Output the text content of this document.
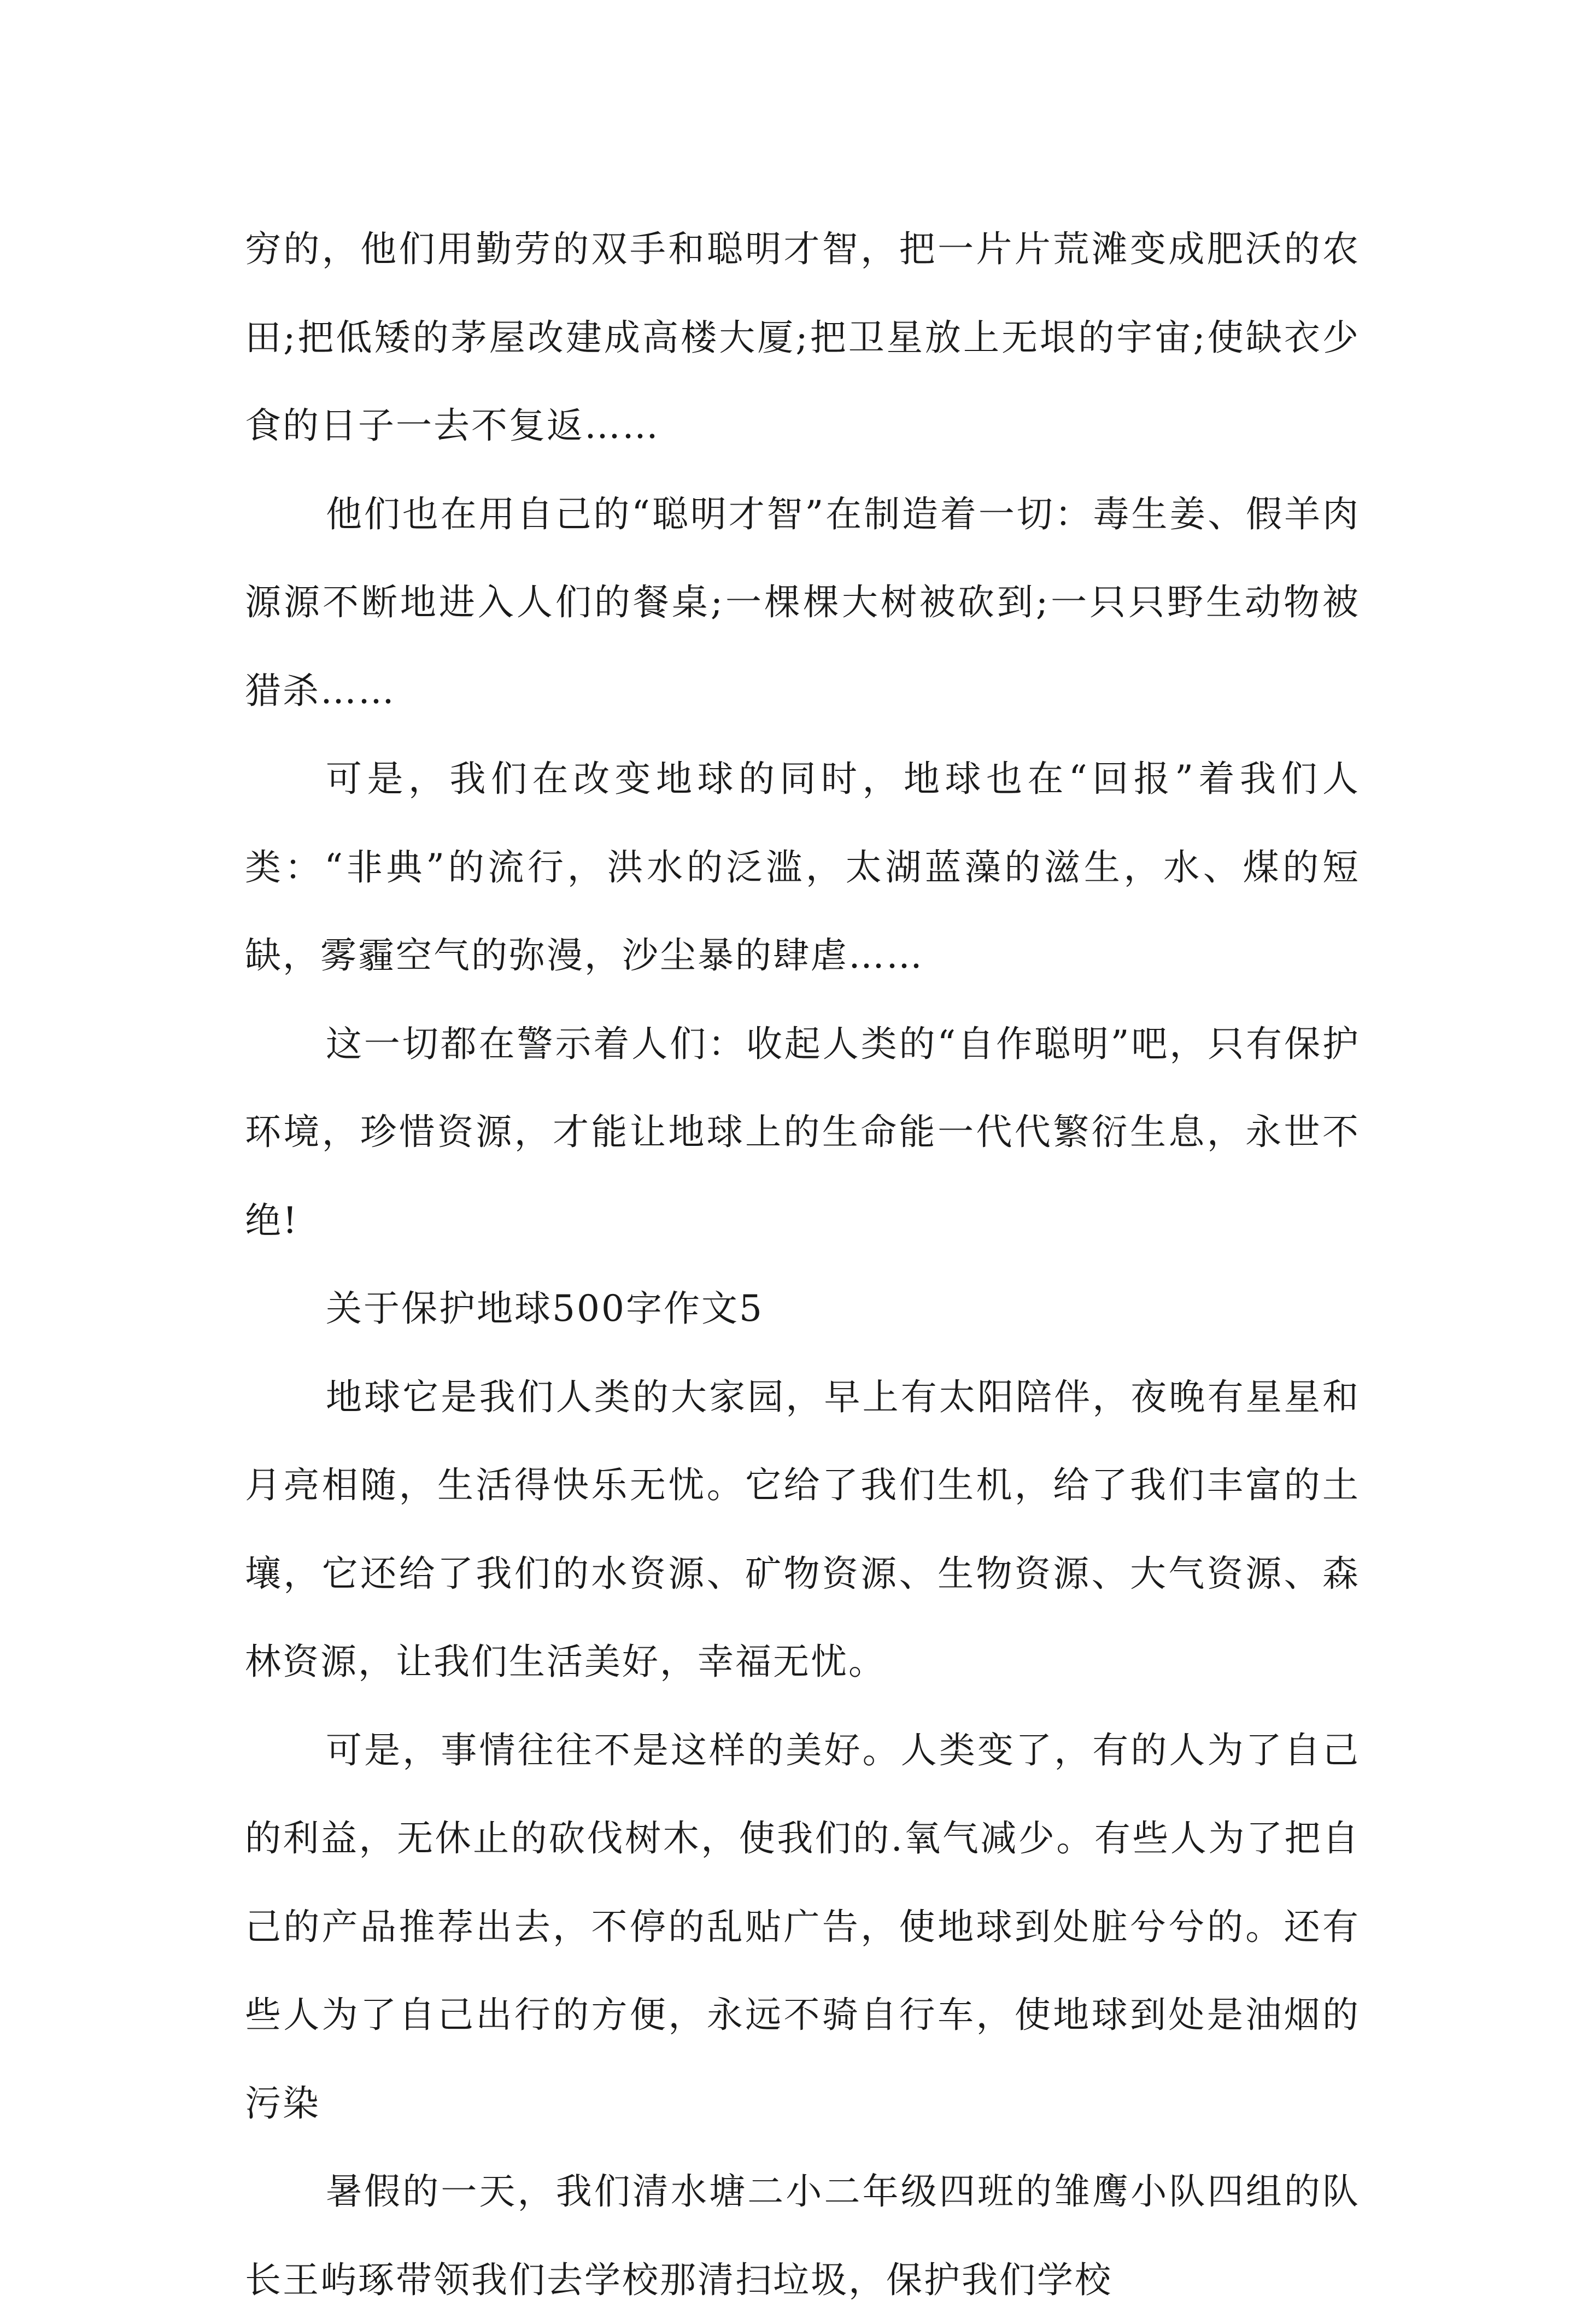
穷的，他们用勤劳的双手和聪明才智，把一片片荒滩变成肥沃的农田;把低矮的茅屋改建成高楼大厦;把卫星放上无垠的宇宙;使缺衣少食的日子一去不复返……

他们也在用自己的“聪明才智”在制造着一切：毒生姜、假羊肉源源不断地进入人们的餐桌;一棵棵大树被砍到;一只只野生动物被猎杀……

可是，我们在改变地球的同时，地球也在“回报”着我们人类：“非典”的流行，洪水的泛滥，太湖蓝藻的滋生，水、煤的短缺，雾霾空气的弥漫，沙尘暴的肆虐……

这一切都在警示着人们：收起人类的“自作聪明”吧，只有保护环境，珍惜资源，才能让地球上的生命能一代代繁衍生息，永世不绝!

关于保护地球500字作文5

地球它是我们人类的大家园，早上有太阳陪伴，夜晚有星星和月亮相随，生活得快乐无忧。它给了我们生机，给了我们丰富的土壤，它还给了我们的水资源、矿物资源、生物资源、大气资源、森林资源，让我们生活美好，幸福无忧。

可是，事情往往不是这样的美好。人类变了，有的人为了自己的利益，无休止的砍伐树木，使我们的.氧气减少。有些人为了把自己的产品推荐出去，不停的乱贴广告，使地球到处脏兮兮的。还有些人为了自己出行的方便，永远不骑自行车，使地球到处是油烟的污染

暑假的一天，我们清水塘二小二年级四班的雏鹰小队四组的队长王屿琢带领我们去学校那清扫垃圾，保护我们学校
